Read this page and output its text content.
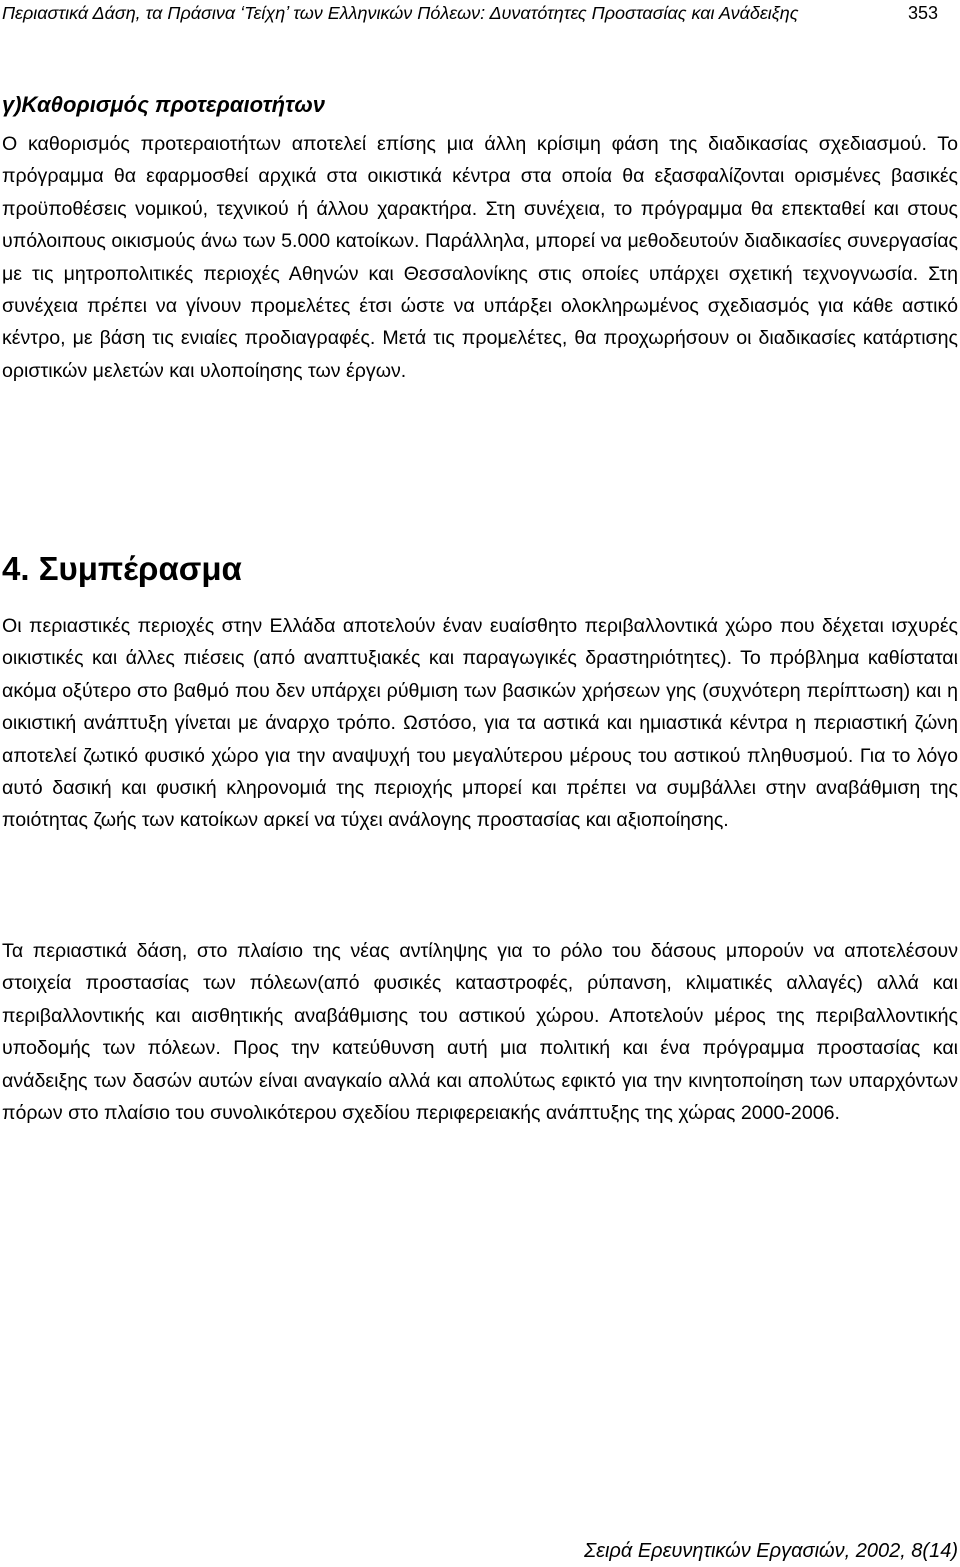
Περιαστικά Δάση, τα Πράσινα ‘Τείχη’ των Ελληνικών Πόλεων: Δυνατότητες Προστασίας και Ανάδειξης	353
γ)Καθορισμός προτεραιοτήτων

Ο καθορισμός προτεραιοτήτων αποτελεί επίσης μια άλλη κρίσιμη φάση της διαδικασίας σχεδιασμού. Το πρόγραμμα θα εφαρμοσθεί αρχικά στα οικιστικά κέντρα στα οποία θα εξασφαλίζονται ορισμένες βασικές προϋποθέσεις νομικού, τεχνικού ή άλλου χαρακτήρα. Στη συνέχεια, το πρόγραμμα θα επεκταθεί και στους υπόλοιπους οικισμούς άνω των 5.000 κατοίκων. Παράλληλα, μπορεί να μεθοδευτούν διαδικασίες συνεργασίας με τις μητροπολιτικές περιοχές Αθηνών και Θεσσαλονίκης στις οποίες υπάρχει σχετική τεχνογνωσία. Στη συνέχεια πρέπει να γίνουν προμελέτες έτσι ώστε να υπάρξει ολοκληρωμένος σχεδιασμός για κάθε αστικό κέντρο, με βάση τις ενιαίες προδιαγραφές. Μετά τις προμελέτες, θα προχωρήσουν οι διαδικασίες κατάρτισης οριστικών μελετών και υλοποίησης των έργων.

4. Συμπέρασμα

Οι περιαστικές περιοχές στην Ελλάδα αποτελούν έναν ευαίσθητο περιβαλλοντικά χώρο που δέχεται ισχυρές οικιστικές και άλλες πιέσεις (από αναπτυξιακές και παραγωγικές δραστηριότητες). Το πρόβλημα καθίσταται ακόμα οξύτερο στο βαθμό που δεν υπάρχει ρύθμιση των βασικών χρήσεων γης (συχνότερη περίπτωση) και η οικιστική ανάπτυξη γίνεται με άναρχο τρόπο. Ωστόσο, για τα αστικά και ημιαστικά κέντρα η περιαστική ζώνη αποτελεί ζωτικό φυσικό χώρο για την αναψυχή του μεγαλύτερου μέρους του αστικού πληθυσμού. Για το λόγο αυτό δασική και φυσική κληρονομιά της περιοχής μπορεί και πρέπει να συμβάλλει στην αναβάθμιση της ποιότητας ζωής των κατοίκων αρκεί να τύχει ανάλογης προστασίας και αξιοποίησης.

Τα περιαστικά δάση, στο πλαίσιο της νέας αντίληψης για το ρόλο του δάσους μπορούν να αποτελέσουν στοιχεία προστασίας των πόλεων(από φυσικές καταστροφές, ρύπανση, κλιματικές αλλαγές) αλλά και περιβαλλοντικής και αισθητικής αναβάθμισης του αστικού χώρου. Αποτελούν μέρος της περιβαλλοντικής υποδομής των πόλεων. Προς την κατεύθυνση αυτή μια πολιτική και ένα πρόγραμμα προστασίας και ανάδειξης των δασών αυτών είναι αναγκαίο αλλά και απολύτως εφικτό για την κινητοποίηση των υπαρχόντων πόρων στο πλαίσιο του συνολικότερου σχεδίου περιφερειακής ανάπτυξης της χώρας 2000-2006.

Σειρά Ερευνητικών Εργασιών, 2002, 8(14)
